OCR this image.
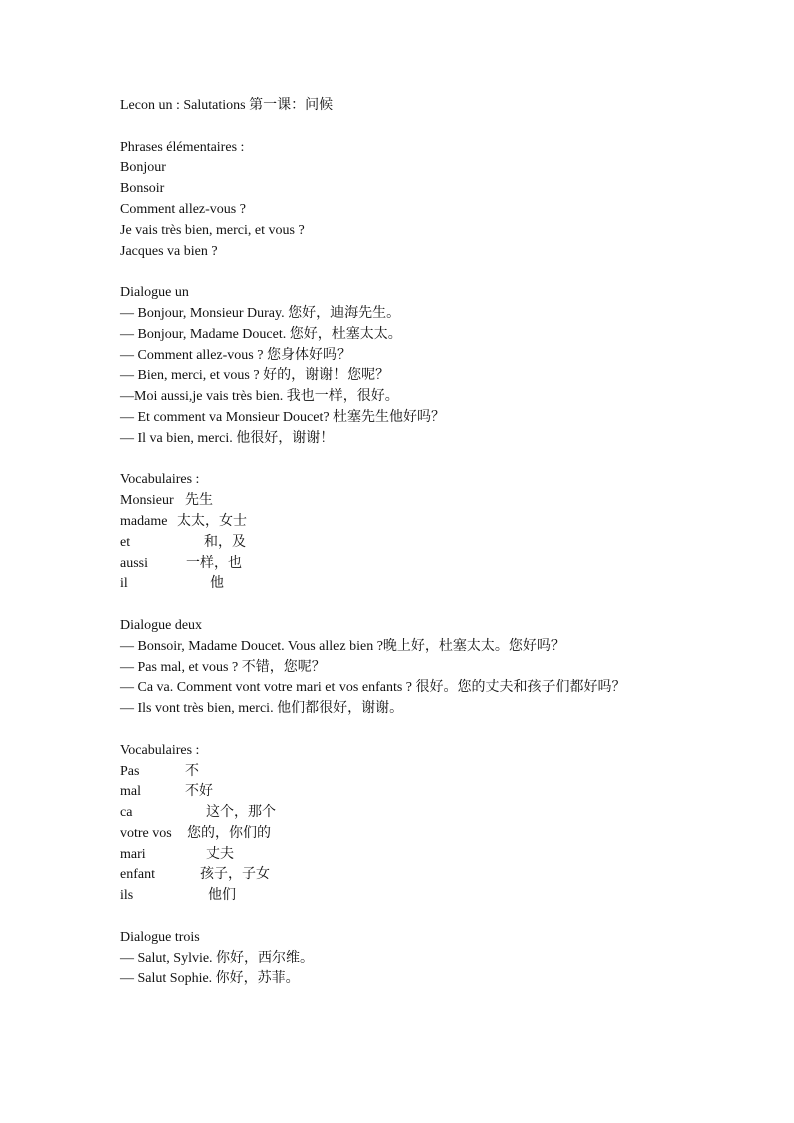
Lecon un : Salutations 第一课：问候
Phrases élémentaires :
Bonjour
Bonsoir
Comment allez-vous ?
Je vais très bien, merci, et vous ?
Jacques va bien ?
Dialogue un
— Bonjour, Monsieur Duray. 您好，迪海先生。
— Bonjour, Madame Doucet. 您好，杜塞太太。
— Comment allez-vous ? 您身体好吗？
— Bien, merci, et vous ? 好的，谢谢！您呢？
—Moi aussi,je vais très bien. 我也一样，很好。
— Et comment va Monsieur Doucet? 杜塞先生他好吗？
— Il va bien, merci. 他很好，谢谢！
Vocabulaires :
Monsieur 先生
madame 太太，女士
et	和，及
aussi	一样，也
il	他
Dialogue deux
— Bonsoir, Madame Doucet. Vous allez bien ?晚上好，杜塞太太。您好吗？
— Pas mal, et vous ? 不错，您呢？
— Ca va. Comment vont votre mari et vos enfants ? 很好。您的丈夫和孩子们都好吗？
— Ils vont très bien, merci. 他们都很好，谢谢。
Vocabulaires :
Pas	不
mal	不好
ca	这个，那个
votre vos	您的，你们的
mari	丈夫
enfant	孩子，子女
ils	他们
Dialogue trois
— Salut, Sylvie. 你好，西尔维。
— Salut Sophie. 你好，苏菲。
